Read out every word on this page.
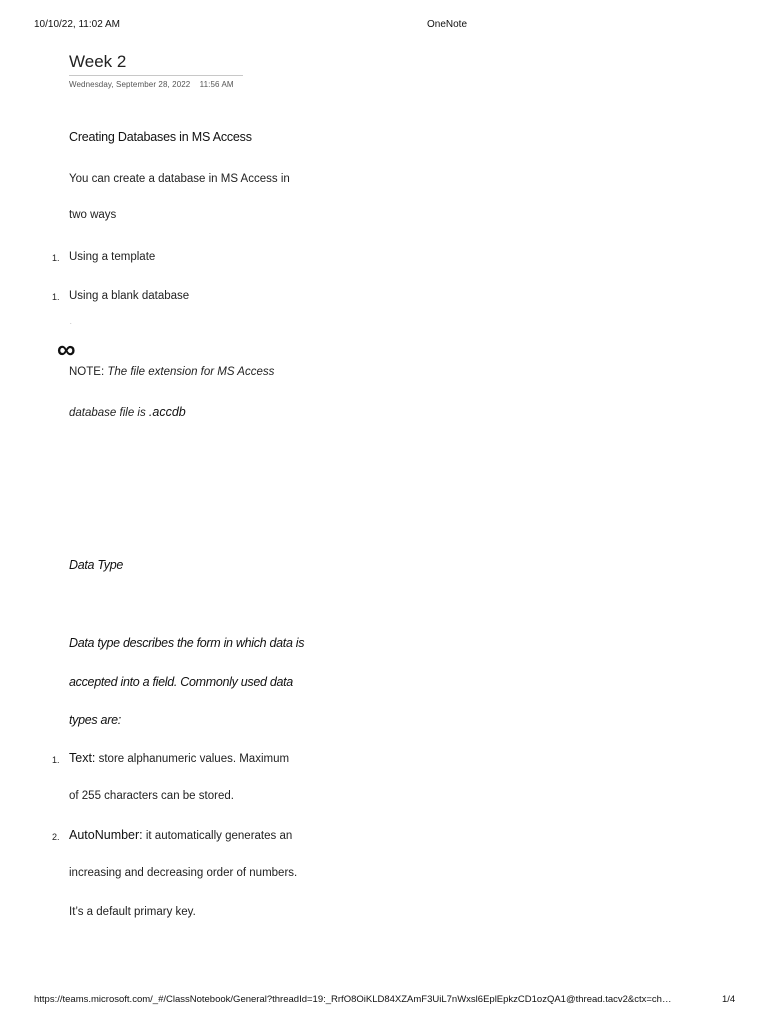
10/10/22, 11:02 AM	OneNote
Week 2
Wednesday, September 28, 2022 11:56 AM
Creating Databases in MS Access
You can create a database in MS Access in
two ways
1. Using a template
1. Using a blank database
.
∞
NOTE: The file extension for MS Access
database file is .accdb
Data Type
Data type describes the form in which data is
accepted into a field. Commonly used data
types are:
1. Text: store alphanumeric values. Maximum
of 255 characters can be stored.
2. AutoNumber: it automatically generates an
increasing and decreasing order of numbers.
It’s a default primary key.
https://teams.microsoft.com/_#/ClassNotebook/General?threadId=19:_RrfO8OiKLD84XZAmF3UiL7nWxsl6EplEpkzCD1ozQA1@thread.tacv2&ctx=ch…	1/4
